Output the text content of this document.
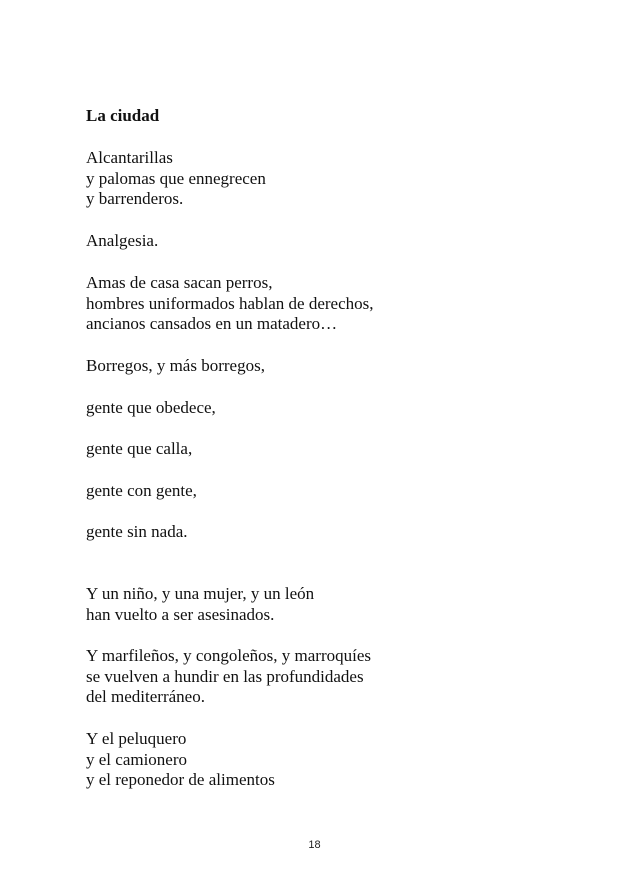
La ciudad
Alcantarillas
y palomas que ennegrecen
y barrenderos.
Analgesia.
Amas de casa sacan perros,
hombres uniformados hablan de derechos,
ancianos cansados en un matadero…
Borregos, y más borregos,
gente que obedece,
gente que calla,
gente con gente,
gente sin nada.
Y un niño, y una mujer, y un león
han vuelto a ser asesinados.
Y marfileños, y congoleños, y marroquíes
se vuelven a hundir en las profundidades
del mediterráneo.
Y el peluquero
y el camionero
y el reponedor de alimentos
18
